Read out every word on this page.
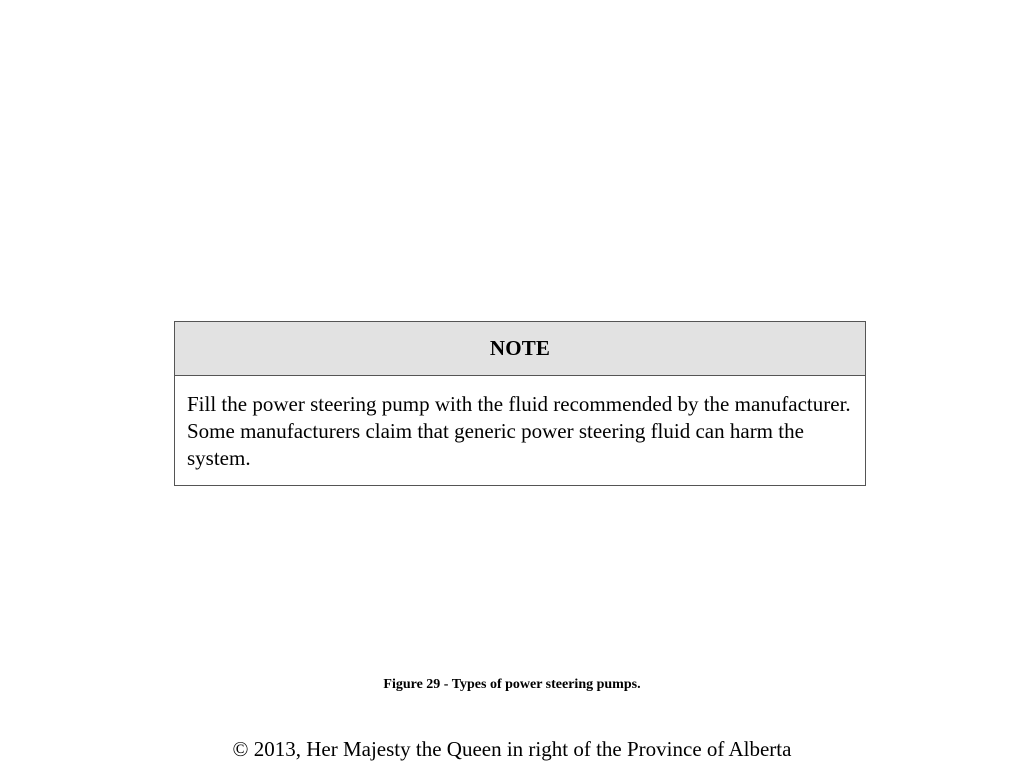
NOTE
Fill the power steering pump with the fluid recommended by the manufacturer. Some manufacturers claim that generic power steering fluid can harm the system.
Figure 29 - Types of power steering pumps.
© 2013, Her Majesty the Queen in right of the Province of Alberta
